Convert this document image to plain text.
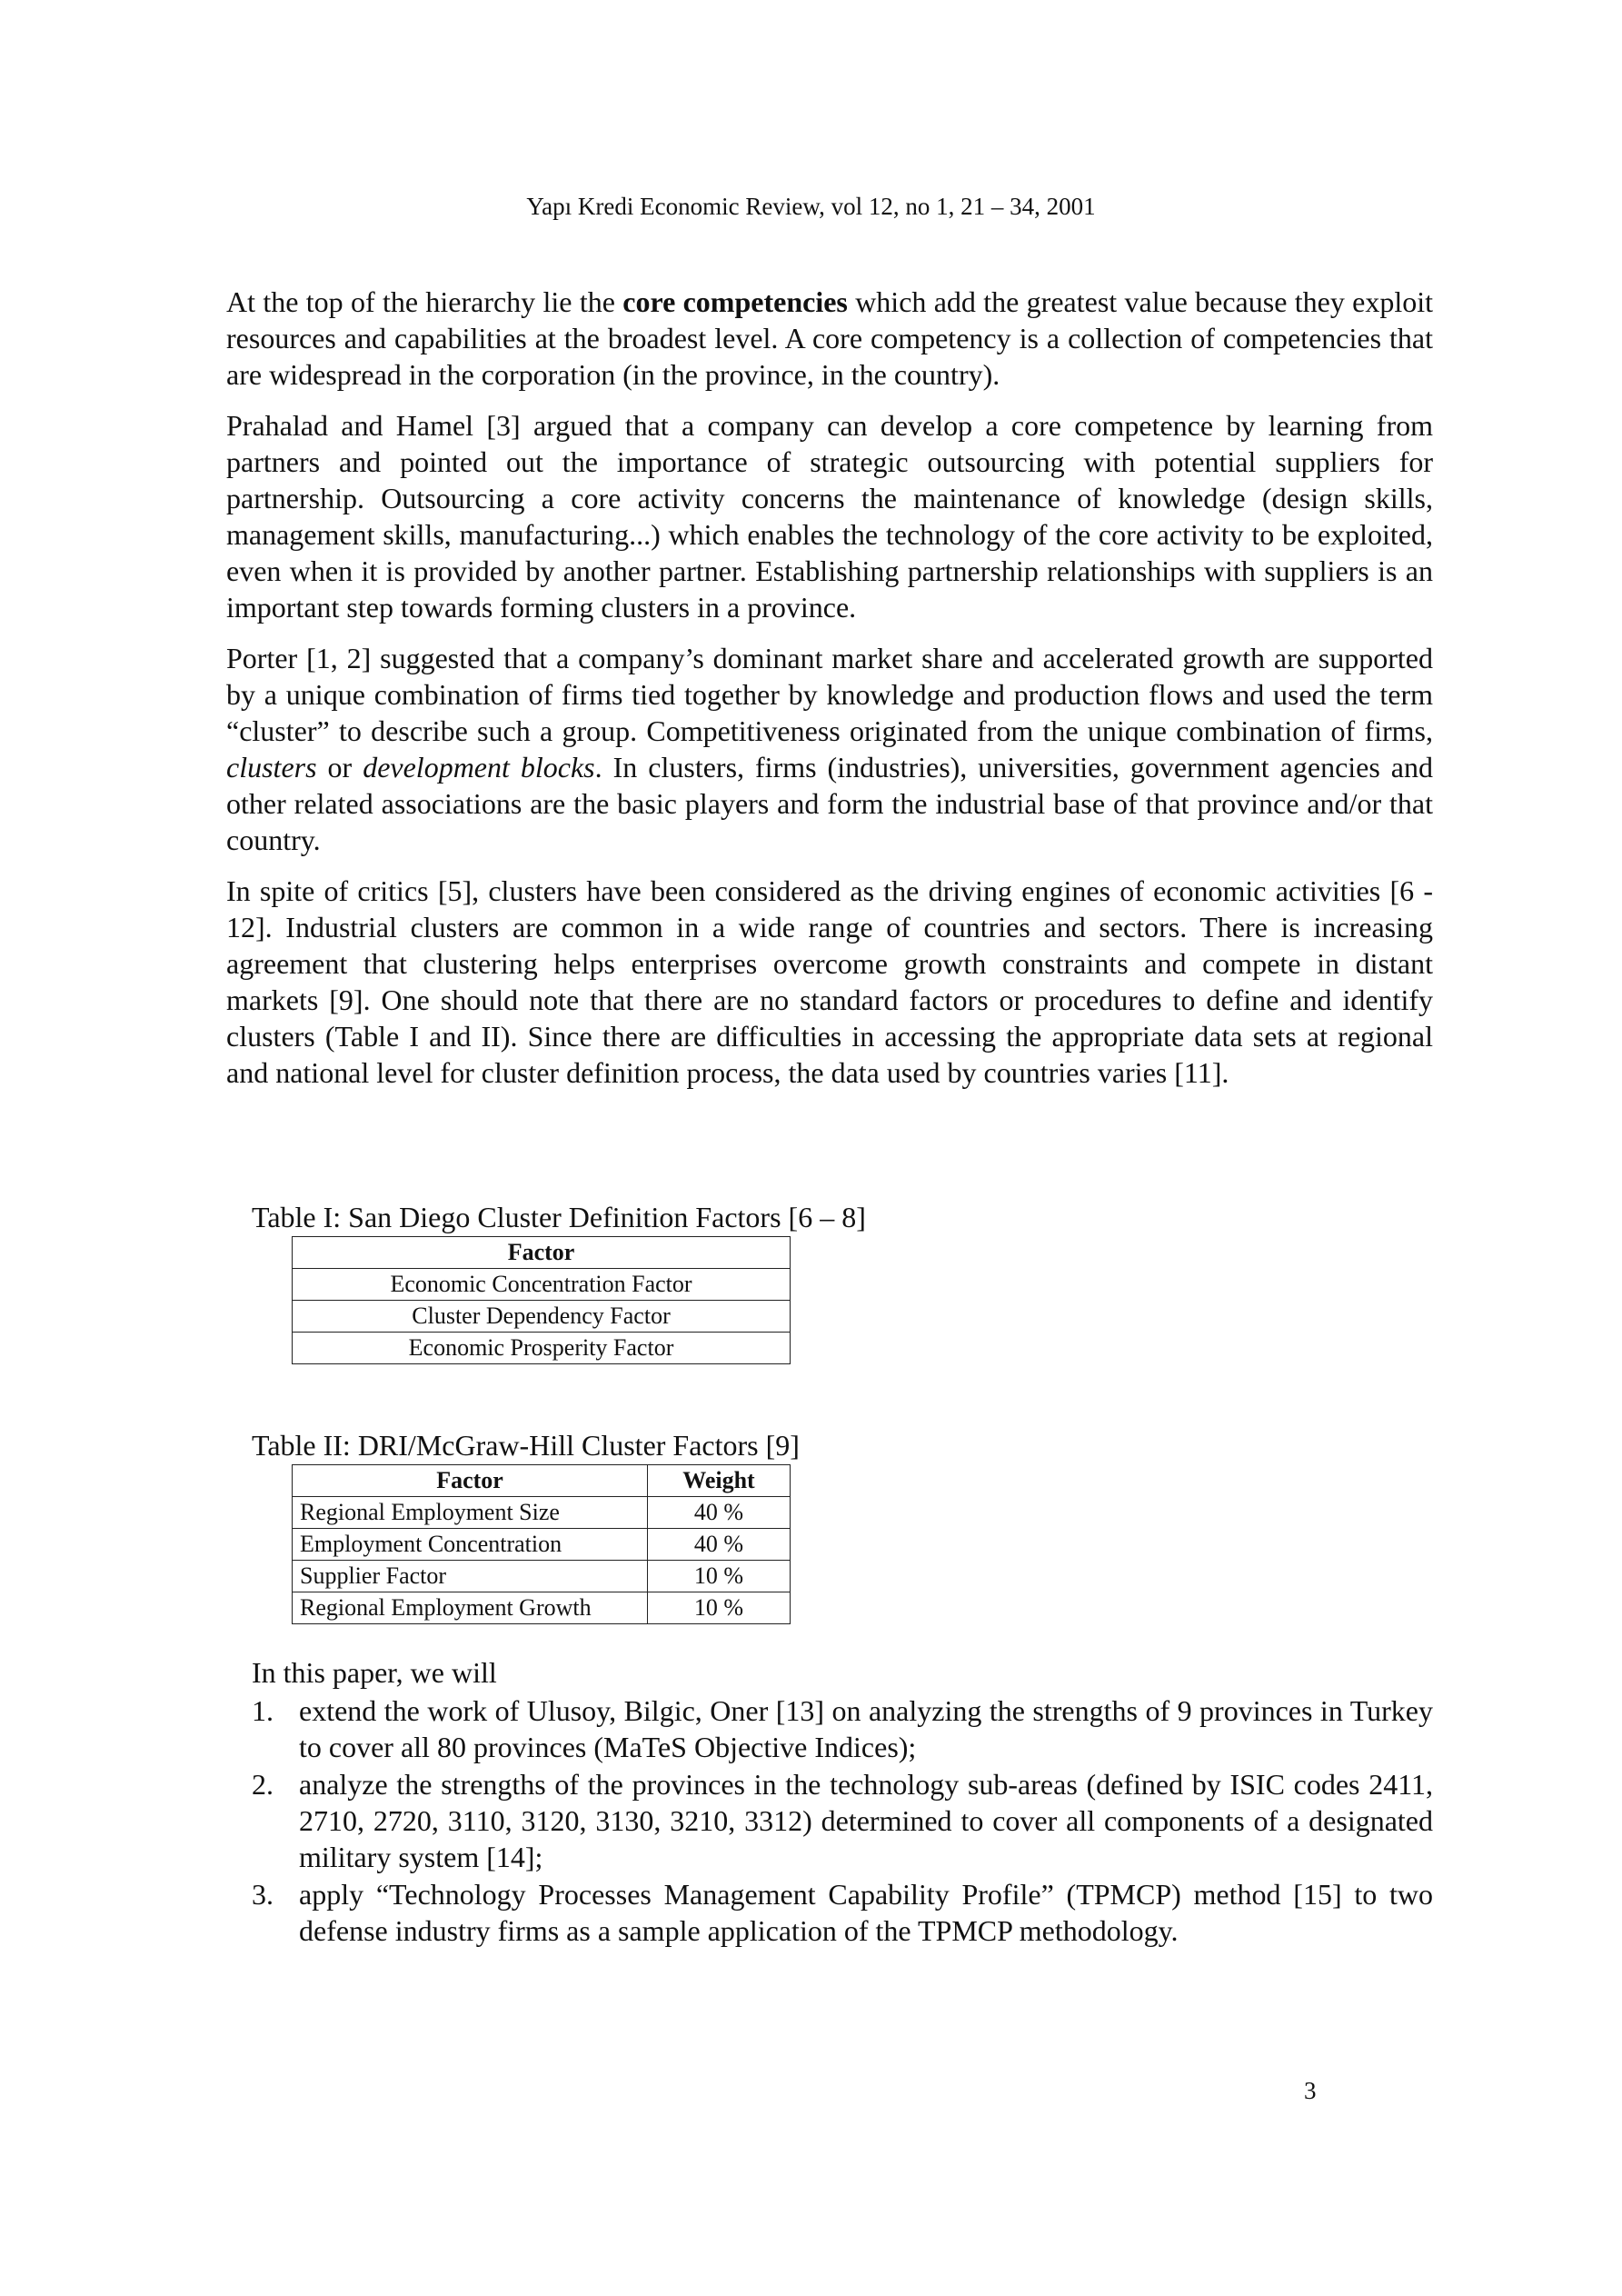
Yapı Kredi Economic Review, vol 12, no 1, 21 – 34, 2001

At the top of the hierarchy lie the core competencies which add the greatest value because they exploit resources and capabilities at the broadest level. A core competency is a collection of competencies that are widespread in the corporation (in the province, in the country).

Prahalad and Hamel [3] argued that a company can develop a core competence by learning from partners and pointed out the importance of strategic outsourcing with potential suppliers for partnership. Outsourcing a core activity concerns the maintenance of knowledge (design skills, management skills, manufacturing...) which enables the technology of the core activity to be exploited, even when it is provided by another partner. Establishing partnership relationships with suppliers is an important step towards forming clusters in a province.

Porter [1, 2] suggested that a company’s dominant market share and accelerated growth are supported by a unique combination of firms tied together by knowledge and production flows and used the term “cluster” to describe such a group. Competitiveness originated from the unique combination of firms, clusters or development blocks. In clusters, firms (industries), universities, government agencies and other related associations are the basic players and form the industrial base of that province and/or that country.

In spite of critics [5], clusters have been considered as the driving engines of economic activities [6 - 12]. Industrial clusters are common in a wide range of countries and sectors. There is increasing agreement that clustering helps enterprises overcome growth constraints and compete in distant markets [9]. One should note that there are no standard factors or procedures to define and identify clusters (Table I and II). Since there are difficulties in accessing the appropriate data sets at regional and national level for cluster definition process, the data used by countries varies [11].

Table I: San Diego Cluster Definition Factors [6 – 8]
Factor
Economic Concentration Factor
Cluster Dependency Factor
Economic Prosperity Factor
Table II: DRI/McGraw-Hill Cluster Factors [9]
Factor	Weight
Regional Employment Size	40 %
Employment Concentration	40 %
Supplier Factor	10 %
Regional Employment Growth	10 %
In this paper, we will
1. extend the work of Ulusoy, Bilgic, Oner [13] on analyzing the strengths of 9 provinces in Turkey to cover all 80 provinces (MaTeS Objective Indices);
2. analyze the strengths of the provinces in the technology sub-areas (defined by ISIC codes 2411, 2710, 2720, 3110, 3120, 3130, 3210, 3312) determined to cover all components of a designated military system [14];
3. apply “Technology Processes Management Capability Profile” (TPMCP) method [15] to two defense industry firms as a sample application of the TPMCP methodology.
3
